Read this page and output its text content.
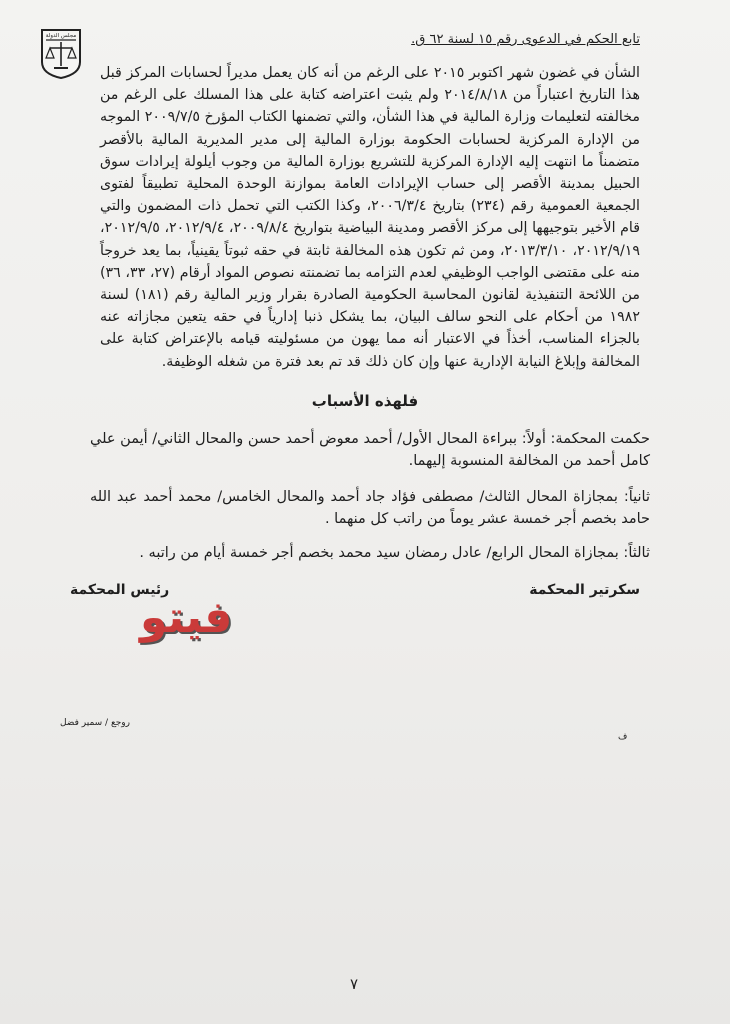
مجلس الدولة	تابع الحكم في الدعوى رقم ١٥ لسنة ٦٢ ق.

الشأن في غضون شهر اكتوبر ٢٠١٥ على الرغم من أنه كان يعمل مديراً لحسابات المركز قبل هذا التاريخ اعتباراً من ٢٠١٤/٨/١٨ ولم يثبت اعتراضه كتابة على هذا المسلك على الرغم من مخالفته لتعليمات وزارة المالية في هذا الشأن، والتي تضمنها الكتاب المؤرخ ٢٠٠٩/٧/٥ الموجه من الإدارة المركزية لحسابات الحكومة بوزارة المالية إلى مدير المديرية المالية بالأقصر متضمناً ما انتهت إليه الإدارة المركزية للتشريع بوزارة المالية من وجوب أيلولة إيرادات سوق الحبيل بمدينة الأقصر إلى حساب الإيرادات العامة بموازنة الوحدة المحلية تطبيقاً لفتوى الجمعية العمومية رقم (٢٣٤) بتاريخ ٢٠٠٦/٣/٤، وكذا الكتب التي تحمل ذات المضمون والتي قام الأخير بتوجيهها إلى مركز الأقصر ومدينة البياضية بتواريخ ٢٠٠٩/٨/٤، ٢٠١٢/٩/٤، ٢٠١٢/٩/٥، ٢٠١٢/٩/١٩، ٢٠١٣/٣/١٠، ومن ثم تكون هذه المخالفة ثابتة في حقه ثبوتاً يقينياً، بما يعد خروجاً منه على مقتضى الواجب الوظيفي لعدم التزامه بما تضمنته نصوص المواد أرقام (٢٧، ٣٣، ٣٦) من اللائحة التنفيذية لقانون المحاسبة الحكومية الصادرة بقرار وزير المالية رقم (١٨١) لسنة ١٩٨٢ من أحكام على النحو سالف البيان، بما يشكل ذنبا إدارياً في حقه يتعين مجازاته عنه بالجزاء المناسب، أخذاً في الاعتبار أنه مما يهون من مسئوليته قيامه بالإعتراض كتابة على المخالفة وإبلاغ النيابة الإدارية عنها وإن كان ذلك قد تم بعد فترة من شغله الوظيفة.

فلهذه الأسباب
حكمت المحكمة: أولاً: ببراءة المحال الأول/ أحمد معوض أحمد حسن والمحال الثاني/ أيمن علي كامل أحمد من المخالفة المنسوبة إليهما.
ثانياً: بمجازاة المحال الثالث/ مصطفى فؤاد جاد أحمد والمحال الخامس/ محمد أحمد عبد الله حامد بخصم أجر خمسة عشر يوماً من راتب كل منهما .
ثالثاً: بمجازاة المحال الرابع/ عادل رمضان سيد محمد بخصم أجر خمسة أيام من راتبه .
سكرتير المحكمة
رئيس المحكمة
فيتو
روجع / سمير فضل
ف
٧
